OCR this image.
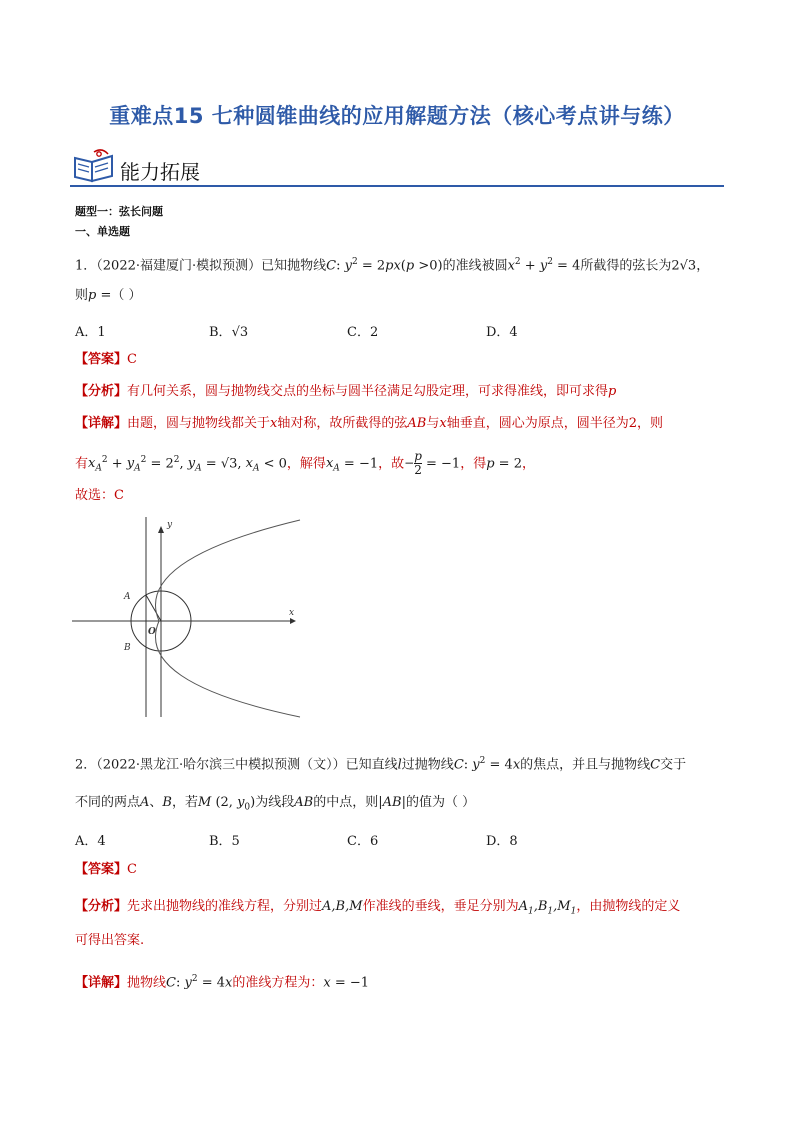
重难点15 七种圆锥曲线的应用解题方法（核心考点讲与练）
能力拓展
题型一：弦长问题
一、单选题
1．（2022·福建厦门·模拟预测）已知抛物线C: $y^2 = 2px(p >0)$的准线被圆$x^2 + y^2 = 4$所截得的弦长为2√3，
则p =（ ）
A．1	B．√3	C．2	D．4
【答案】C
【分析】有几何关系，圆与抛物线交点的坐标与圆半径满足勾股定理，可求得准线，即可求得p
【详解】由题，圆与抛物线都关于x轴对称，故所截得的弦AB与x轴垂直，圆心为原点，圆半径为2，则
有$x_A^2 + y_A^2 = 2^2$, $y_A = √3$, $x_A < 0$，解得$x_A = -1$，故− $\frac{p}{2} = -1$，得p = 2，
故选：C
y
x
O
A
B
2．（2022·黑龙江·哈尔滨三中模拟预测（文））已知直线l过抛物线C: $y^2 = 4x$的焦点，并且与抛物线C交于
不同的两点A、B，若M (2, $y_0$)为线段AB的中点，则|AB|的值为（ ）
A．4	B．5	C．6	D．8
【答案】C
【分析】先求出抛物线的准线方程，分别过A,B,M作准线的垂线，垂足分别为$A_1,B_1,M_1$，由抛物线的定义
可得出答案.
【详解】抛物线C: $y^2 = 4x$的准线方程为：x = −1
